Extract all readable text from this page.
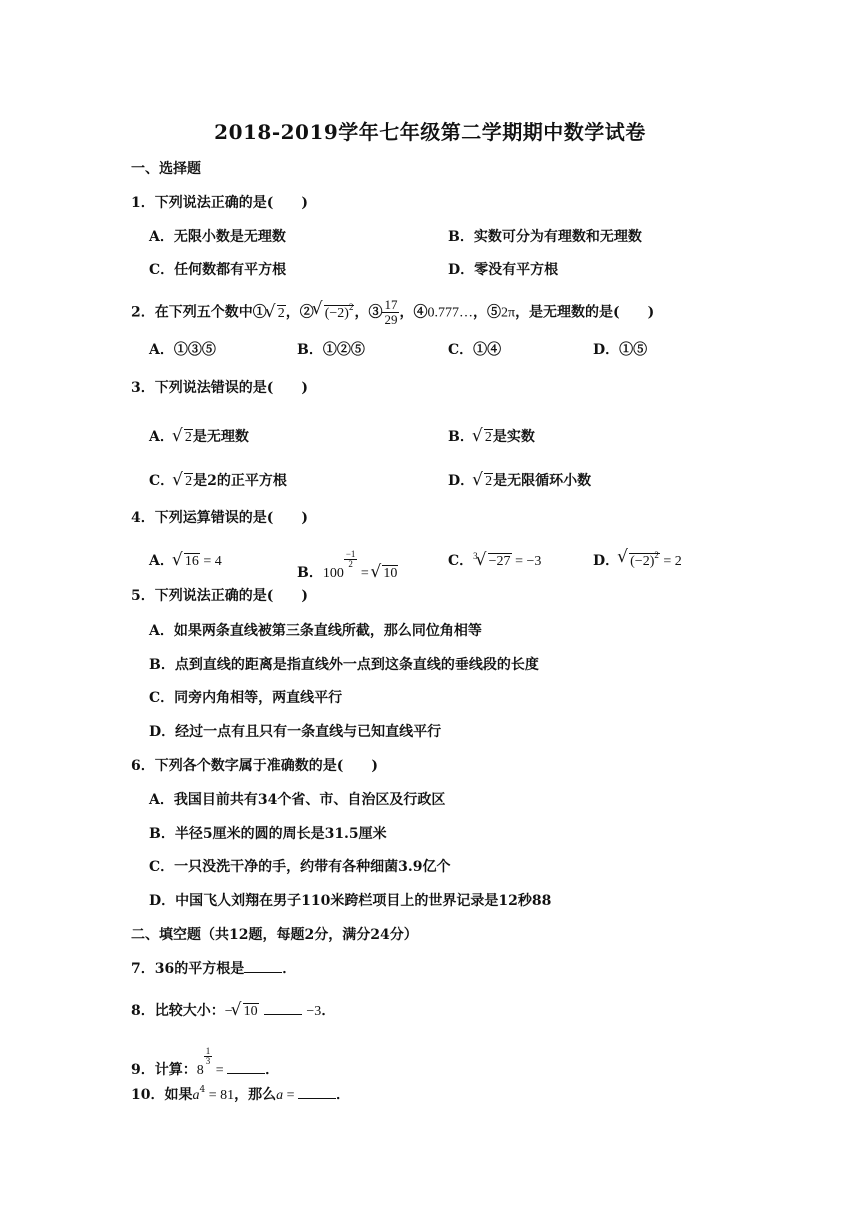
2018-2019学年七年级第二学期期中数学试卷
一、选择题
1．下列说法正确的是(　　)
A．无限小数是无理数	B．实数可分为有理数和无理数
C．任何数都有平方根	D．零没有平方根
2．在下列五个数中① √ 2，② √ $(-2)^2$，③ $\frac{17}{29}$ ，④0.777…，⑤2π，是无理数的是(　　)
A．①③⑤	B．①②⑤	C．①④	D．①⑤
3．下列说法错误的是(　　)
A． √ 2是无理数	B． √ 2是实数
C． √ 2是2的正平方根	D． √ 2是无限循环小数
4．下列运算错误的是(　　)
A． √ 16 = 4
B．100
$\frac{-1}{2}$
= √ 10
C．$^3$ √ −27 = −3	D． √ $(-2)^2 = 2$
5．下列说法正确的是(　　)
A．如果两条直线被第三条直线所截，那么同位角相等
B．点到直线的距离是指直线外一点到这条直线的垂线段的长度
C．同旁内角相等，两直线平行
D．经过一点有且只有一条直线与已知直线平行
6．下列各个数字属于准确数的是(　　)
A．我国目前共有34个省、市、自治区及行政区
B．半径5厘米的圆的周长是31.5厘米
C．一只没洗干净的手，约带有各种细菌3.9亿个
D．中国飞人刘翔在男子110米跨栏项目上的世界记录是12秒88
二、填空题（共12题，每题2分，满分24分）
7．36的平方根是	．
8．比较大小：− √ 10	−3．
9．计算：8
$\frac{1}{3}$
=	．
10．如果$a^4 = 81$，那么a =	．
